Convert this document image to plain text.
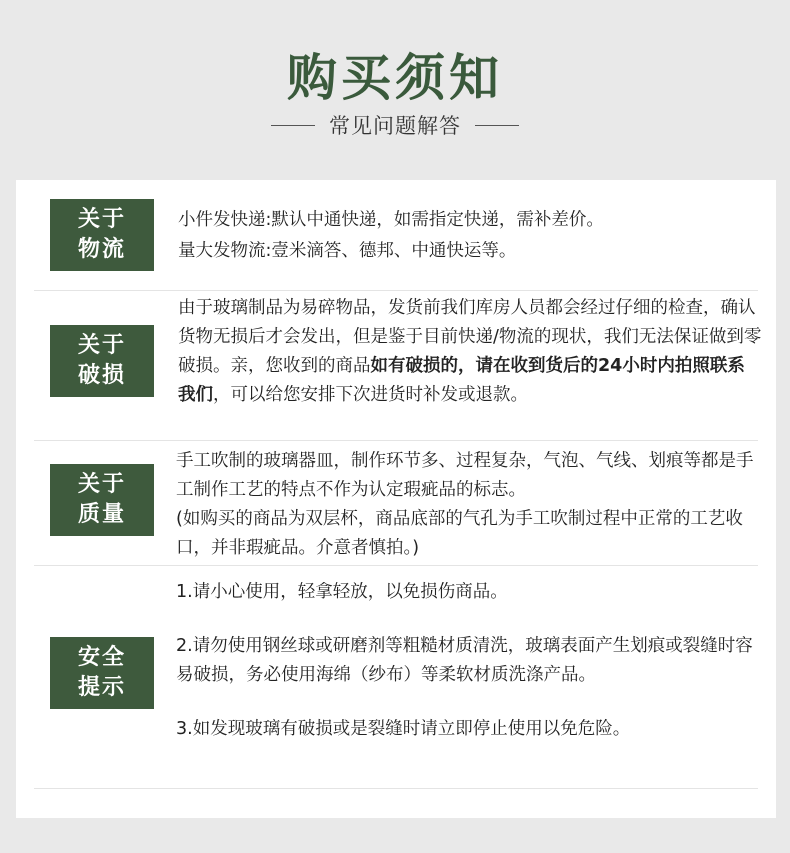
购买须知
常见问题解答
关于
物流

小件发快递:默认中通快递，如需指定快递，需补差价。

量大发物流:壹米滴答、德邦、中通快运等。

关于
破损

由于玻璃制品为易碎物品，发货前我们库房人员都会经过仔细的检查，确认货物无损后才会发出，但是鉴于目前快递/物流的现状，我们无法保证做到零破损。亲，您收到的商品如有破损的，请在收到货后的24小时内拍照联系我们，可以给您安排下次进货时补发或退款。

关于
质量

手工吹制的玻璃器皿，制作环节多、过程复杂，气泡、气线、划痕等都是手工制作工艺的特点不作为认定瑕疵品的标志。

(如购买的商品为双层杯，商品底部的气孔为手工吹制过程中正常的工艺收口，并非瑕疵品。介意者慎拍。)

安全
提示

1.请小心使用，轻拿轻放，以免损伤商品。

2.请勿使用钢丝球或研磨剂等粗糙材质清洗，玻璃表面产生划痕或裂缝时容易破损，务必使用海绵（纱布）等柔软材质洗涤产品。

3.如发现玻璃有破损或是裂缝时请立即停止使用以免危险。
